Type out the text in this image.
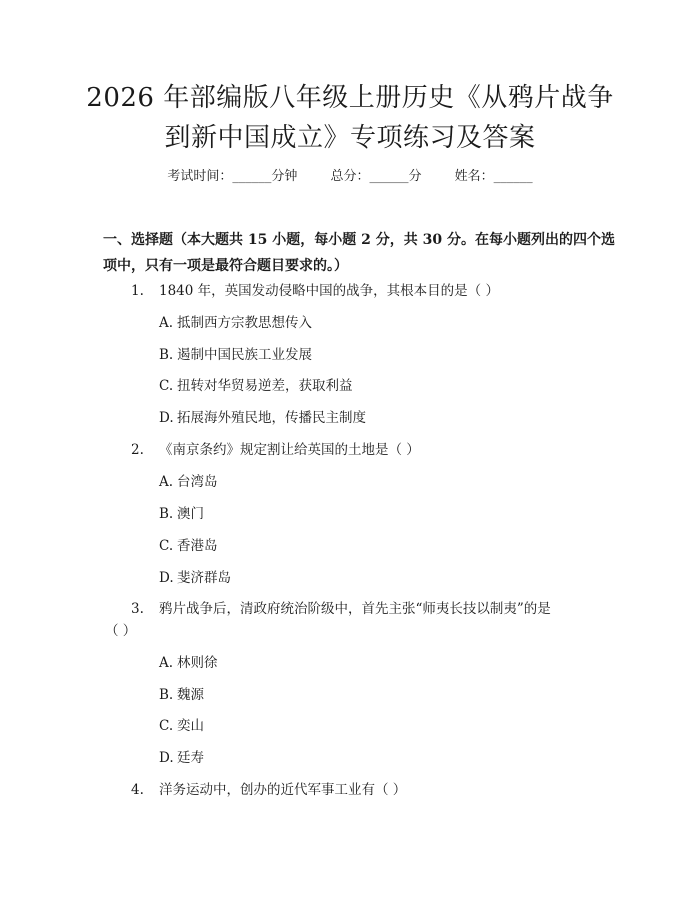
2026 年部编版八年级上册历史《从鸦片战争
到新中国成立》专项练习及答案
考试时间：______分钟	总分：______分	姓名：______
一、选择题（本大题共 15 小题，每小题 2 分，共 30 分。在每小题列出的四个选
项中，只有一项是最符合题目要求的。）
1. 1840 年，英国发动侵略中国的战争，其根本目的是（ ）
A. 抵制西方宗教思想传入
B. 遏制中国民族工业发展
C. 扭转对华贸易逆差，获取利益
D. 拓展海外殖民地，传播民主制度
2. 《南京条约》规定割让给英国的土地是（ ）
A. 台湾岛
B. 澳门
C. 香港岛
D. 斐济群岛
3. 鸦片战争后，清政府统治阶级中，首先主张“师夷长技以制夷”的是
（ ）
A. 林则徐
B. 魏源
C. 奕山
D. 廷寿
4. 洋务运动中，创办的近代军事工业有（ ）
